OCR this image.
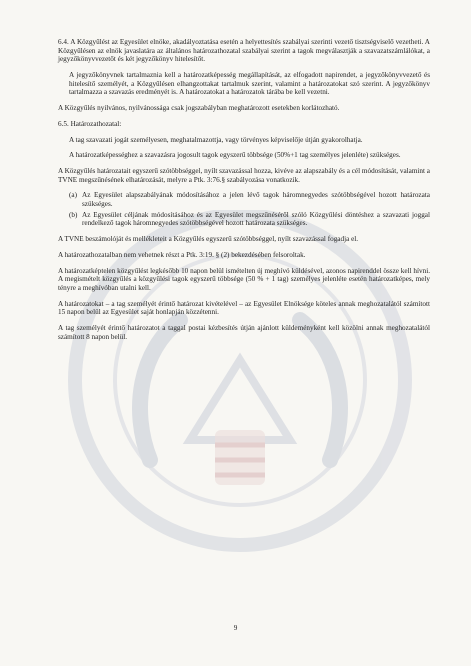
6.4. A Közgyűlést az Egyesület elnöke, akadályoztatása esetén a helyettesítés szabályai szerinti vezető tisztségviselő vezetheti. A Közgyűlésen az elnök javaslatára az általános határozathozatal szabályai szerint a tagok megválasztják a szavazatszámlálókat, a jegyzőkönyvvezetőt és két jegyzőkönyv hitelesítőt.

A jegyzőkönyvnek tartalmaznia kell a határozatképesség megállapítását, az elfogadott napirendet, a jegyzőkönyvvezető és hitelesítő személyét, a Közgyűlésen elhangzottakat tartalmuk szerint, valamint a határozatokat szó szerint. A jegyzőkönyv tartalmazza a szavazás eredményét is. A határozatokat a határozatok tárába be kell vezetni.

A Közgyűlés nyilvános, nyilvánossága csak jogszabályban meghatározott esetekben korlátozható.

6.5. Határozathozatal:

A tag szavazati jogát személyesen, meghatalmazottja, vagy törvényes képviselője útján gyakorolhatja.

A határozatképességhez a szavazásra jogosult tagok egyszerű többsége (50%+1 tag személyes jelenléte) szükséges.

A Közgyűlés határozatait egyszerű szótöbbséggel, nyílt szavazással hozza, kivéve az alapszabály és a cél módosítását, valamint a TVNE megszűnésének elhatározását, melyre a Ptk. 3:76.§ szabályozása vonatkozik.

(a) Az Egyesület alapszabályának módosításához a jelen lévő tagok háromnegyedes szótöbbségével hozott határozata szükséges.
(b) Az Egyesület céljának módosításához és az Egyesület megszűnéséről szóló Közgyűlési döntéshez a szavazati joggal rendelkező tagok háromnegyedes szótöbbségével hozott határozata szükséges.

A TVNE beszámolóját és mellékleteit a Közgyűlés egyszerű szótöbbséggel, nyílt szavazással fogadja el.

A határozathozatalban nem vehetnek részt a Ptk. 3:19. § (2) bekezdésében felsoroltak.

A határozatképtelen közgyűlést legkésőbb 10 napon belül ismételten új meghívó küldésével, azonos napirenddel össze kell hívni. A megismételt közgyűlés a közgyűlési tagok egyszerű többsége (50 % + 1 tag) személyes jelenléte esetén határozatképes, mely tényre a meghívóban utalni kell.

A határozatokat – a tag személyét érintő határozat kivételével – az Egyesület Elnöksége köteles annak meghozatalától számított 15 napon belül az Egyesület saját honlapján közzétenni.

A tag személyét érintő határozatot a taggal postai kézbesítés útján ajánlott küldeményként kell közölni annak meghozatalától számított 8 napon belül.

9
